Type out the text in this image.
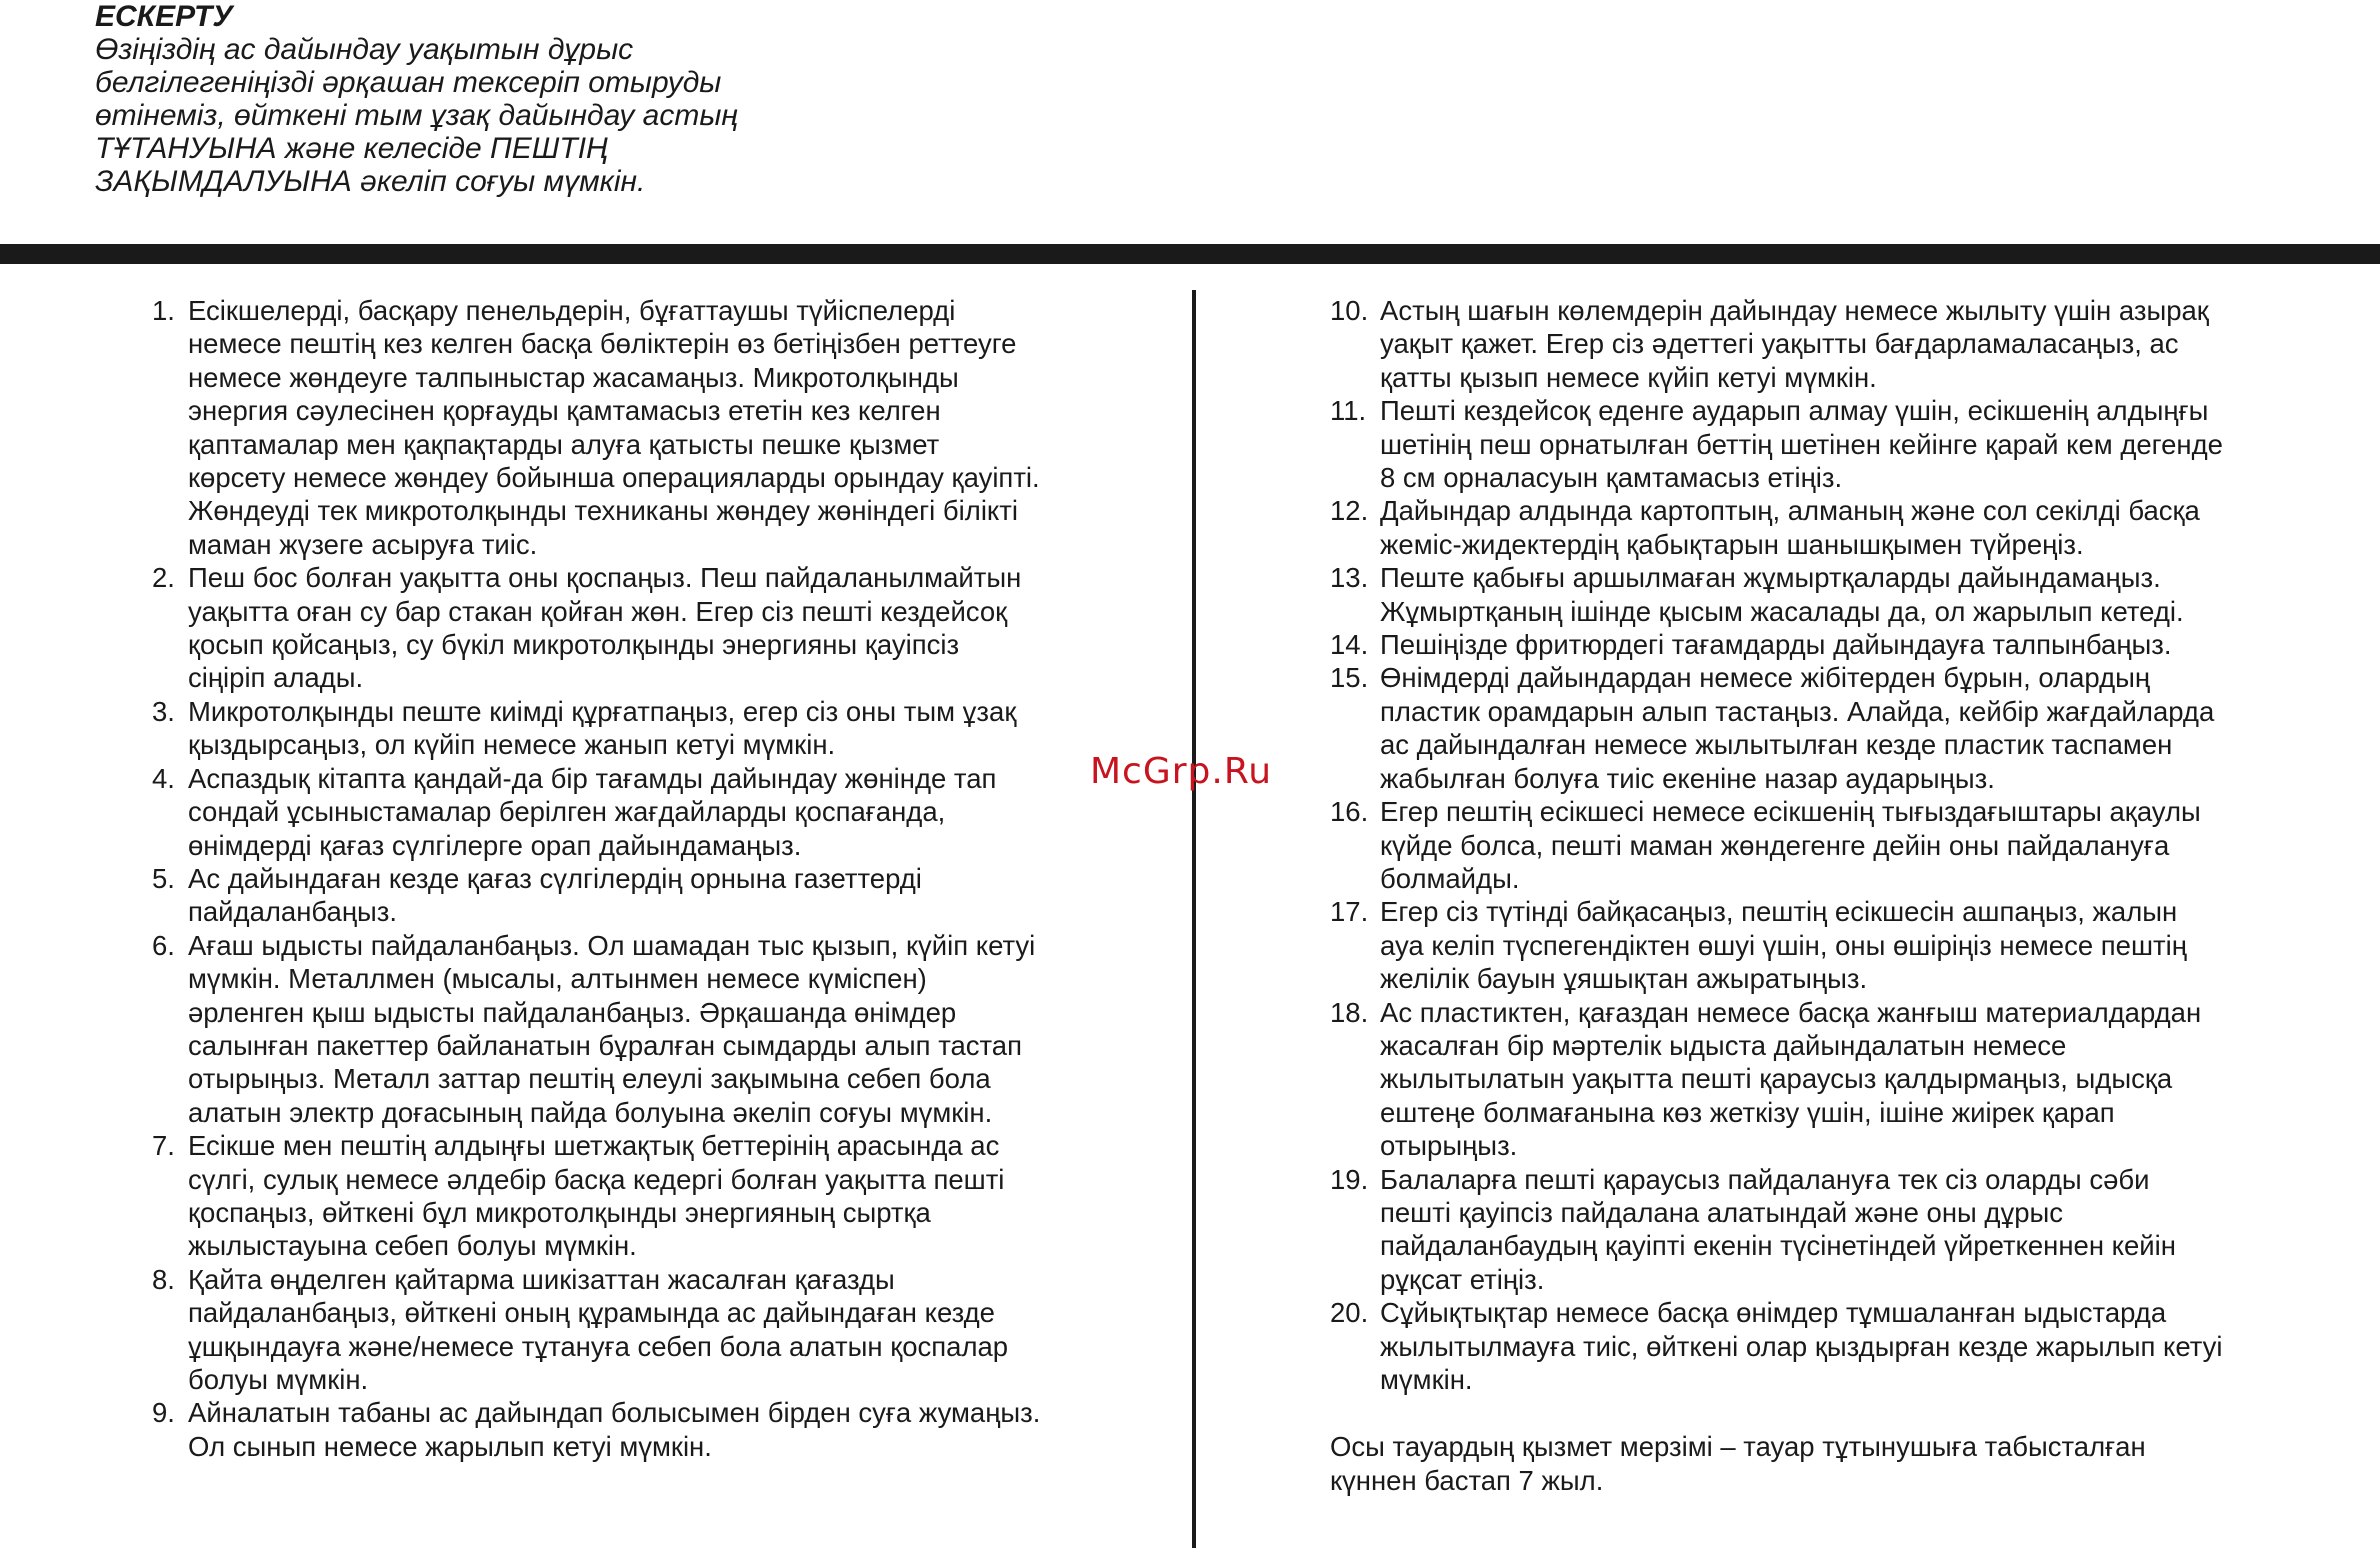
ЕСКЕРТУ
Өзіңіздің ас дайындау уақытын дұрыс
белгілегеніңізді әрқашан тексеріп отыруды
өтінеміз, өйткені тым ұзақ дайындау астың
ТҰТАНУЫНА және келесіде ПЕШТІҢ
ЗАҚЫМДАЛУЫНА әкеліп соғуы мүмкін.
1. Есікшелерді, басқару пенельдерін, бұғаттаушы түйіспелерді
немесе пештің кез келген басқа бөліктерін өз бетіңізбен реттеуге
немесе жөндеуге талпыныстар жасамаңыз. Микротолқынды
энергия сәулесінен қорғауды қамтамасыз ететін кез келген
қаптамалар мен қақпақтарды алуға қатысты пешке қызмет
көрсету немесе жөндеу бойынша операцияларды орындау қауіпті.
Жөндеуді тек микротолқынды техниканы жөндеу жөніндегі білікті
маман жүзеге асыруға тиіс.
2. Пеш бос болған уақытта оны қоспаңыз. Пеш пайдаланылмайтын
уақытта оған су бар стакан қойған жөн. Егер сіз пешті кездейсоқ
қосып қойсаңыз, су бүкіл микротолқынды энергияны қауіпсіз
сіңіріп алады.
3. Микротолқынды пеште киімді құрғатпаңыз, егер сіз оны тым ұзақ
қыздырсаңыз, ол күйіп немесе жанып кетуі мүмкін.
4. Аспаздық кітапта қандай-да бір тағамды дайындау жөнінде тап
сондай ұсыныстамалар берілген жағдайларды қоспағанда,
өнімдерді қағаз сүлгілерге орап дайындамаңыз.
5. Ас дайындаған кезде қағаз сүлгілердің орнына газеттерді
пайдаланбаңыз.
6. Ағаш ыдысты пайдаланбаңыз. Ол шамадан тыс қызып, күйіп кетуі
мүмкін. Металлмен (мысалы, алтынмен немесе күміспен)
әрленген қыш ыдысты пайдаланбаңыз. Әрқашанда өнімдер
салынған пакеттер байланатын бұралған сымдарды алып тастап
отырыңыз. Металл заттар пештің елеулі зақымына себеп бола
алатын электр доғасының пайда болуына әкеліп соғуы мүмкін.
7. Есікше мен пештің алдыңғы шетжақтық беттерінің арасында ас
сүлгі, сулық немесе әлдебір басқа кедергі болған уақытта пешті
қоспаңыз, өйткені бұл микротолқынды энергияның сыртқа
жылыстауына себеп болуы мүмкін.
8. Қайта өңделген қайтарма шикізаттан жасалған қағазды
пайдаланбаңыз, өйткені оның құрамында ас дайындаған кезде
ұшқындауға және/немесе тұтануға себеп бола алатын қоспалар
болуы мүмкін.
9. Айналатын табаны ас дайындап болысымен бірден суға жумаңыз.
Ол сынып немесе жарылып кетуі мүмкін.
10. Астың шағын көлемдерін дайындау немесе жылыту үшін азырақ
уақыт қажет. Егер сіз әдеттегі уақытты бағдарламаласаңыз, ас
қатты қызып немесе күйіп кетуі мүмкін.
11. Пешті кездейсоқ еденге аударып алмау үшін, есікшенің алдыңғы
шетінің пеш орнатылған беттің шетінен кейінге қарай кем дегенде
8 см орналасуын қамтамасыз етіңіз.
12. Дайындар алдында картоптың, алманың және сол секілді басқа
жеміс-жидектердің қабықтарын шанышқымен түйреңіз.
13. Пеште қабығы аршылмаған жұмыртқаларды дайындамаңыз.
Жұмыртқаның ішінде қысым жасалады да, ол жарылып кетеді.
14. Пешіңізде фритюрдегі тағамдарды дайындауға талпынбаңыз.
15. Өнімдерді дайындардан немесе жібітерден бұрын, олардың
пластик орамдарын алып тастаңыз. Алайда, кейбір жағдайларда
ас дайындалған немесе жылытылған кезде пластик таспамен
жабылған болуға тиіс екеніне назар аударыңыз.
16. Егер пештің есікшесі немесе есікшенің тығыздағыштары ақаулы
күйде болса, пешті маман жөндегенге дейін оны пайдалануға
болмайды.
17. Егер сіз түтінді байқасаңыз, пештің есікшесін ашпаңыз, жалын
ауа келіп түспегендіктен өшуі үшін, оны өшіріңіз немесе пештің
желілік бауын ұяшықтан ажыратыңыз.
18. Ас пластиктен, қағаздан немесе басқа жанғыш материалдардан
жасалған бір мәртелік ыдыста дайындалатын немесе
жылытылатын уақытта пешті қараусыз қалдырмаңыз, ыдысқа
ештеңе болмағанына көз жеткізу үшін, ішіне жиірек қарап
отырыңыз.
19. Балаларға пешті қараусыз пайдалануға тек сіз оларды сәби
пешті қауіпсіз пайдалана алатындай және оны дұрыс
пайдаланбаудың қауіпті екенін түсінетіндей үйреткеннен кейін
рұқсат етіңіз.
20. Сұйықтықтар немесе басқа өнімдер тұмшаланған ыдыстарда
жылытылмауға тиіс, өйткені олар қыздырған кезде жарылып кетуі
мүмкін.
Осы тауардың қызмет мерзімі – тауар тұтынушыға табысталған
күннен бастап 7 жыл.
McGrp.Ru
